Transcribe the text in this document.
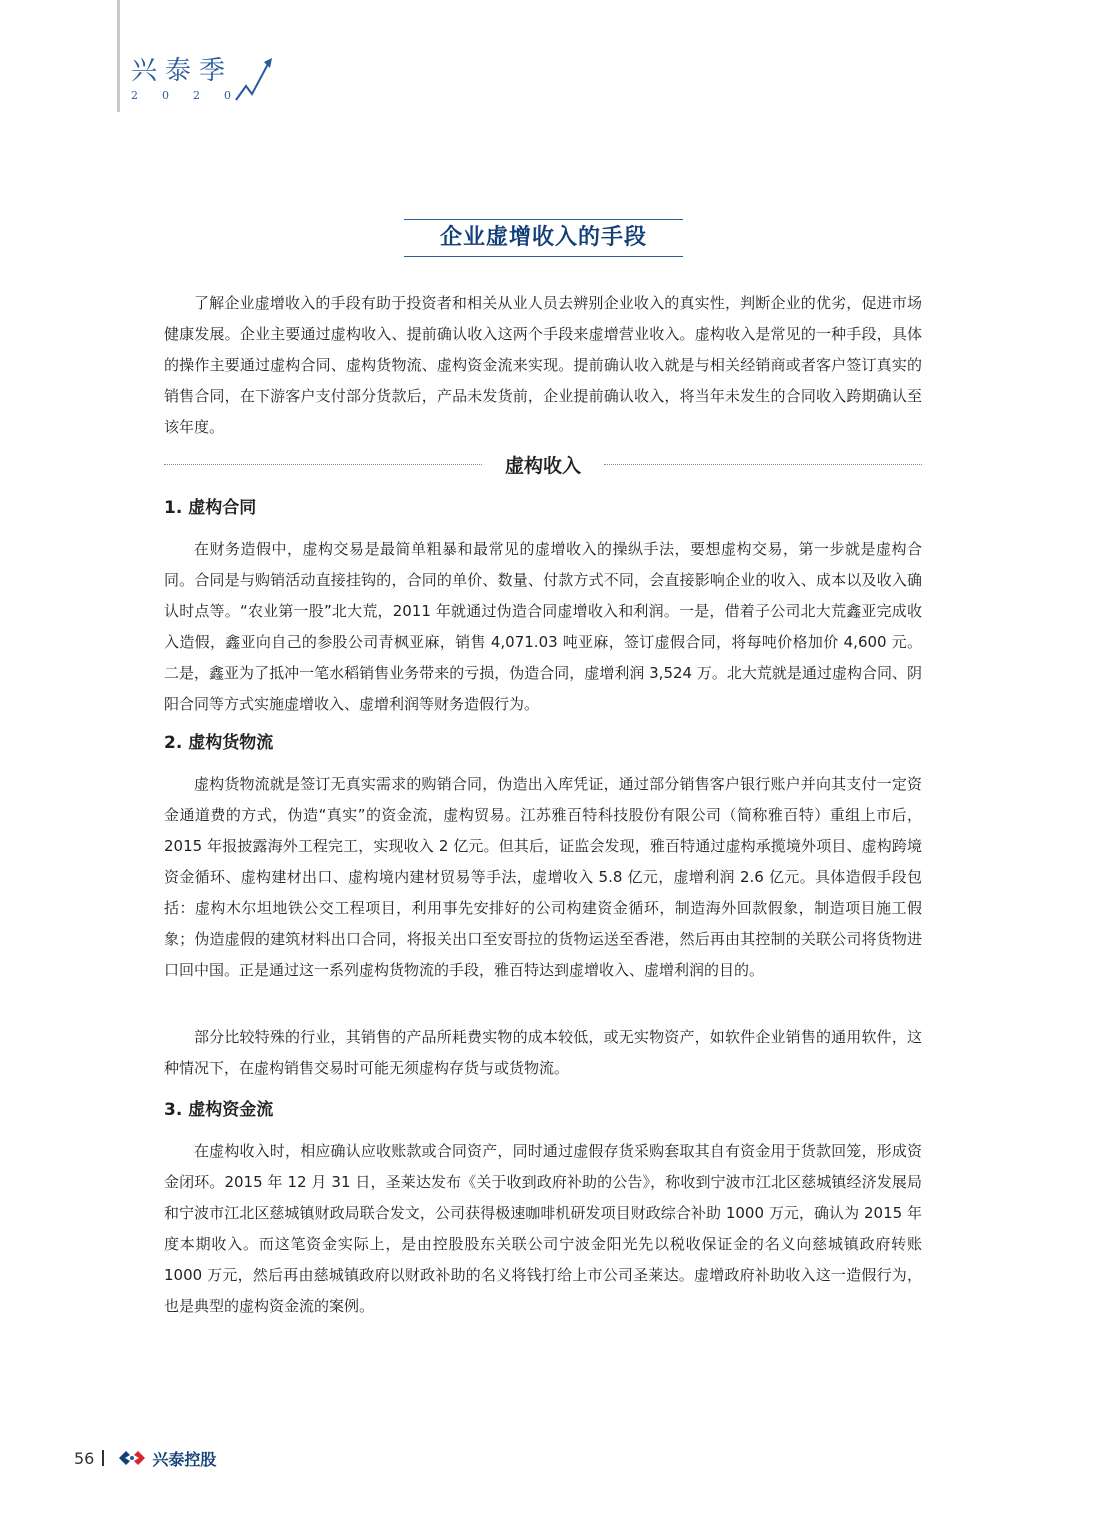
兴泰季
2020
企业虚增收入的手段

了解企业虚增收入的手段有助于投资者和相关从业人员去辨别企业收入的真实性，判断企业的优劣，促进市场健康发展。企业主要通过虚构收入、提前确认收入这两个手段来虚增营业收入。虚构收入是常见的一种手段，具体的操作主要通过虚构合同、虚构货物流、虚构资金流来实现。提前确认收入就是与相关经销商或者客户签订真实的销售合同，在下游客户支付部分货款后，产品未发货前，企业提前确认收入，将当年未发生的合同收入跨期确认至该年度。

虚构收入
1. 虚构合同

在财务造假中，虚构交易是最简单粗暴和最常见的虚增收入的操纵手法，要想虚构交易，第一步就是虚构合同。合同是与购销活动直接挂钩的，合同的单价、数量、付款方式不同，会直接影响企业的收入、成本以及收入确认时点等。“农业第一股”北大荒，2011 年就通过伪造合同虚增收入和利润。一是，借着子公司北大荒鑫亚完成收入造假，鑫亚向自己的参股公司青枫亚麻，销售 4,071.03 吨亚麻，签订虚假合同，将每吨价格加价 4,600 元。二是，鑫亚为了抵冲一笔水稻销售业务带来的亏损，伪造合同，虚增利润 3,524 万。北大荒就是通过虚构合同、阴阳合同等方式实施虚增收入、虚增利润等财务造假行为。

2. 虚构货物流

虚构货物流就是签订无真实需求的购销合同，伪造出入库凭证，通过部分销售客户银行账户并向其支付一定资金通道费的方式，伪造“真实”的资金流，虚构贸易。江苏雅百特科技股份有限公司（简称雅百特）重组上市后，2015 年报披露海外工程完工，实现收入 2 亿元。但其后，证监会发现，雅百特通过虚构承揽境外项目、虚构跨境资金循环、虚构建材出口、虚构境内建材贸易等手法，虚增收入 5.8 亿元，虚增利润 2.6 亿元。具体造假手段包括：虚构木尔坦地铁公交工程项目，利用事先安排好的公司构建资金循环，制造海外回款假象，制造项目施工假象；伪造虚假的建筑材料出口合同，将报关出口至安哥拉的货物运送至香港，然后再由其控制的关联公司将货物进口回中国。正是通过这一系列虚构货物流的手段，雅百特达到虚增收入、虚增利润的目的。

部分比较特殊的行业，其销售的产品所耗费实物的成本较低，或无实物资产，如软件企业销售的通用软件，这种情况下，在虚构销售交易时可能无须虚构存货与或货物流。

3. 虚构资金流

在虚构收入时，相应确认应收账款或合同资产，同时通过虚假存货采购套取其自有资金用于货款回笼，形成资金闭环。2015 年 12 月 31 日，圣莱达发布《关于收到政府补助的公告》，称收到宁波市江北区慈城镇经济发展局和宁波市江北区慈城镇财政局联合发文，公司获得极速咖啡机研发项目财政综合补助 1000 万元，确认为 2015 年度本期收入。而这笔资金实际上，是由控股股东关联公司宁波金阳光先以税收保证金的名义向慈城镇政府转账 1000 万元，然后再由慈城镇政府以财政补助的名义将钱打给上市公司圣莱达。虚增政府补助收入这一造假行为，也是典型的虚构资金流的案例。

56	兴泰控股
